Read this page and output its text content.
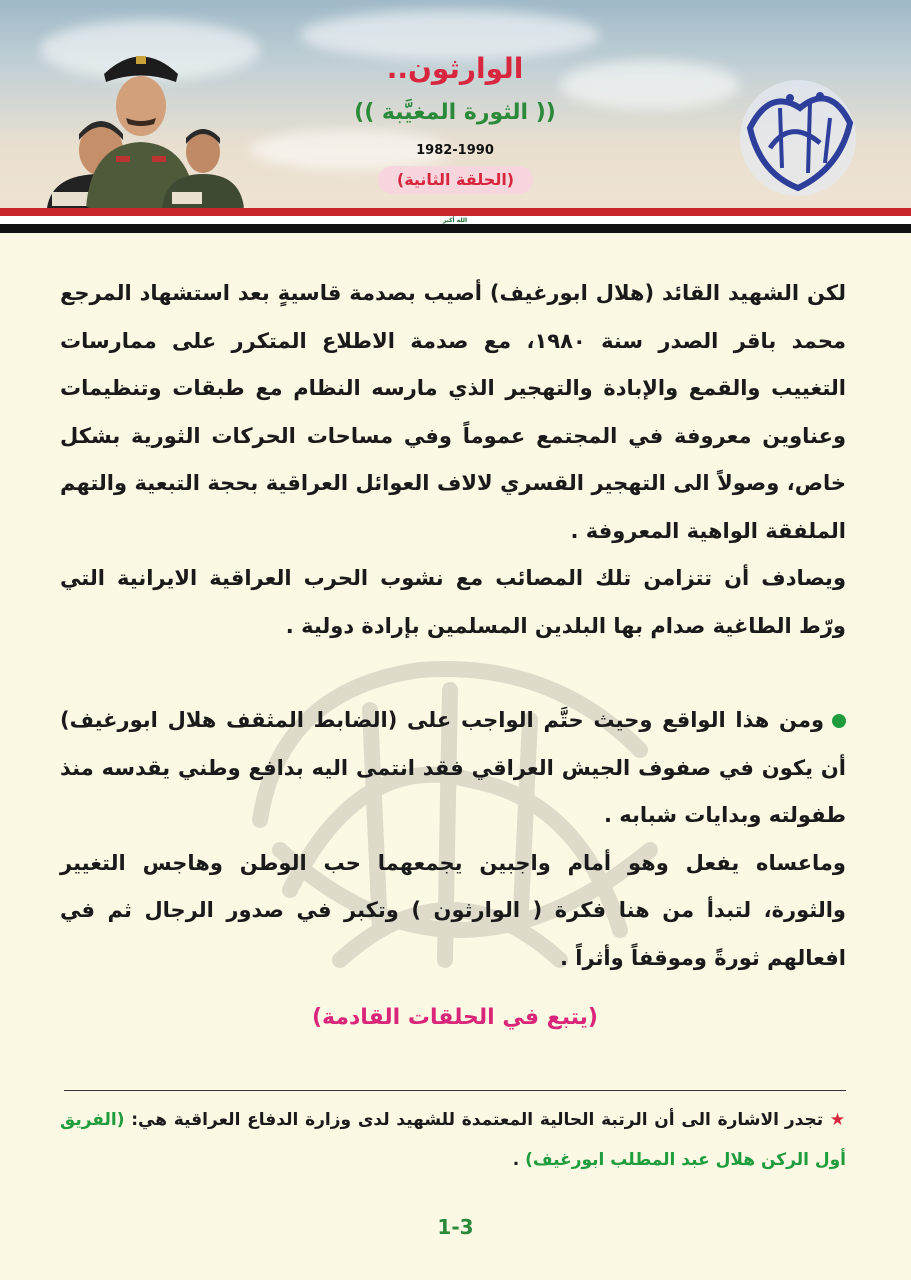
الوارثون..
(( الثورة المغيَّبة ))
1982-1990
(الحلقة الثانية)
الله أكبر

لكن الشهيد القائد (هلال ابورغيف) أصيب بصدمة قاسيةٍ بعد استشهاد المرجع محمد باقر الصدر سنة ١٩٨٠، مع صدمة الاطلاع المتكرر على ممارسات التغييب والقمع والإبادة والتهجير الذي مارسه النظام مع طبقات وتنظيمات وعناوين معروفة في المجتمع عموماً وفي مساحات الحركات الثورية بشكل خاص، وصولاً الى التهجير القسري لالاف العوائل العراقية بحجة التبعية والتهم الملفقة الواهية المعروفة .

ويصادف أن تتزامن تلك المصائب مع نشوب الحرب العراقية الايرانية التي ورّط الطاغية صدام بها البلدين المسلمين بإرادة دولية .

ومن هذا الواقع وحيث حتَّم الواجب على (الضابط المثقف هلال ابورغيف) أن يكون في صفوف الجيش العراقي فقد انتمى اليه بدافع وطني يقدسه منذ طفولته وبدايات شبابه .

وماعساه يفعل وهو أمام واجبين يجمعهما حب الوطن وهاجس التغيير والثورة، لتبدأ من هنا فكرة ( الوارثون ) وتكبر في صدور الرجال ثم في افعالهم ثورةً وموقفاً وأثراً .

(يتبع في الحلقات القادمة)
★ تجدر الاشارة الى أن الرتبة الحالية المعتمدة للشهيد لدى وزارة الدفاع العراقية هي: (الفريق أول الركن هلال عبد المطلب ابورغيف) .
1-3
